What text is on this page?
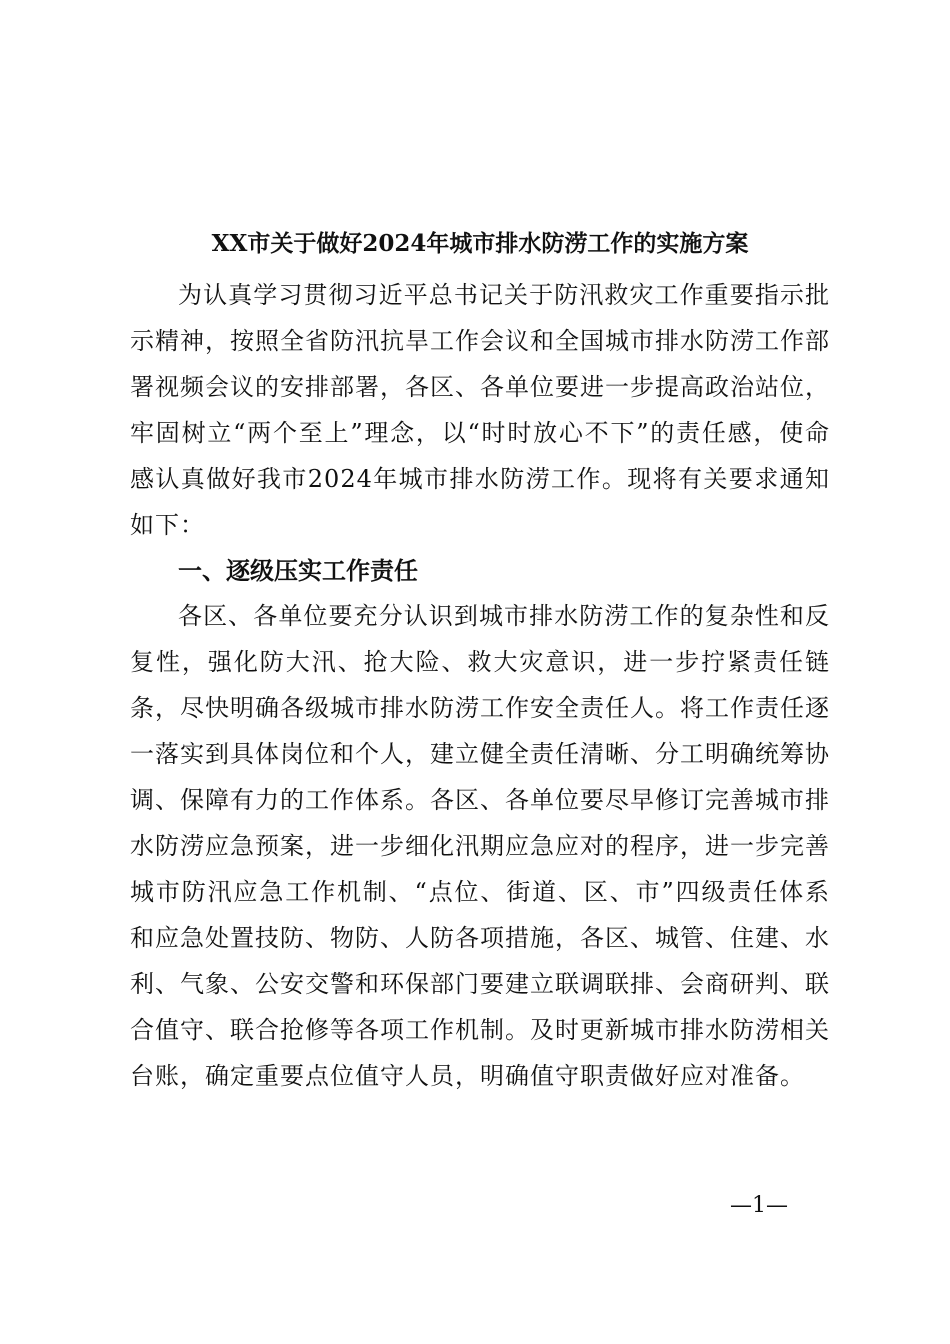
XX市关于做好2024年城市排水防涝工作的实施方案
为认真学习贯彻习近平总书记关于防汛救灾工作重要指示批示精神，按照全省防汛抗旱工作会议和全国城市排水防涝工作部署视频会议的安排部署，各区、各单位要进一步提高政治站位，牢固树立“两个至上”理念，以“时时放心不下”的责任感，使命感认真做好我市2024年城市排水防涝工作。现将有关要求通知如下：
一、逐级压实工作责任
各区、各单位要充分认识到城市排水防涝工作的复杂性和反复性，强化防大汛、抢大险、救大灾意识，进一步拧紧责任链条，尽快明确各级城市排水防涝工作安全责任人。将工作责任逐一落实到具体岗位和个人，建立健全责任清晰、分工明确统筹协调、保障有力的工作体系。各区、各单位要尽早修订完善城市排水防涝应急预案，进一步细化汛期应急应对的程序，进一步完善城市防汛应急工作机制、“点位、街道、区、市”四级责任体系和应急处置技防、物防、人防各项措施，各区、城管、住建、水利、气象、公安交警和环保部门要建立联调联排、会商研判、联合值守、联合抢修等各项工作机制。及时更新城市排水防涝相关台账，确定重要点位值守人员，明确值守职责做好应对准备。
—1—
